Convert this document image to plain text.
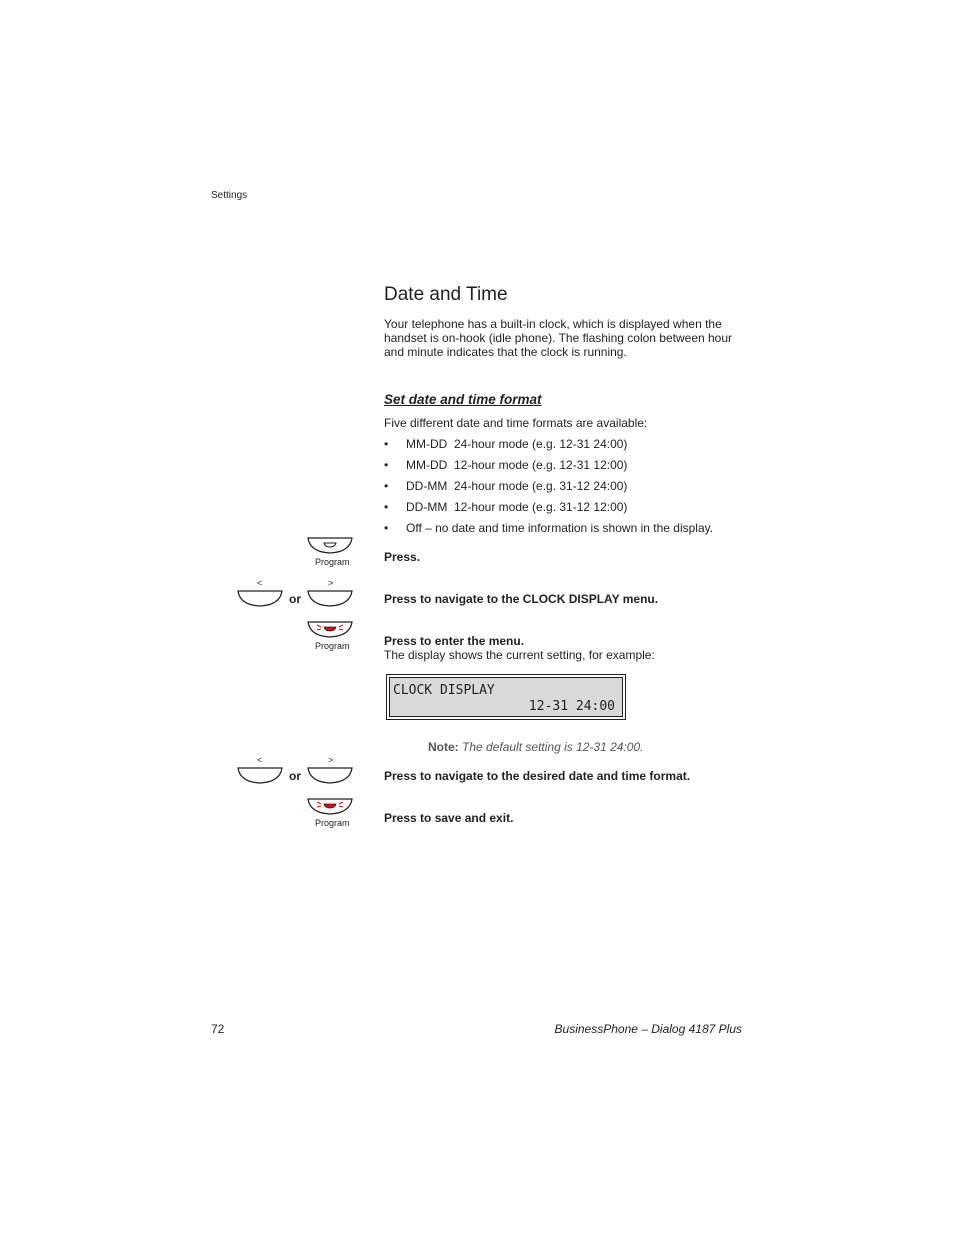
Settings
Date and Time

Your telephone has a built-in clock, which is displayed when the handset is on-hook (idle phone). The flashing colon between hour and minute indicates that the clock is running.

Set date and time format

Five different date and time formats are available:

• MM-DD  24-hour mode (e.g. 12-31 24:00)
• MM-DD  12-hour mode (e.g. 12-31 12:00)
• DD-MM  24-hour mode (e.g. 31-12 24:00)
• DD-MM  12-hour mode (e.g. 31-12 12:00)
• Off – no date and time information is shown in the display.
Program	Press.

<	>
or	Press to navigate to the CLOCK DISPLAY menu.

Program	Press to enter the menu.

The display shows the current setting, for example:

CLOCK DISPLAY
12-31 24:00

Note: The default setting is 12-31 24:00.

<	>
or	Press to navigate to the desired date and time format.

Program	Press to save and exit.

72	BusinessPhone – Dialog 4187 Plus
